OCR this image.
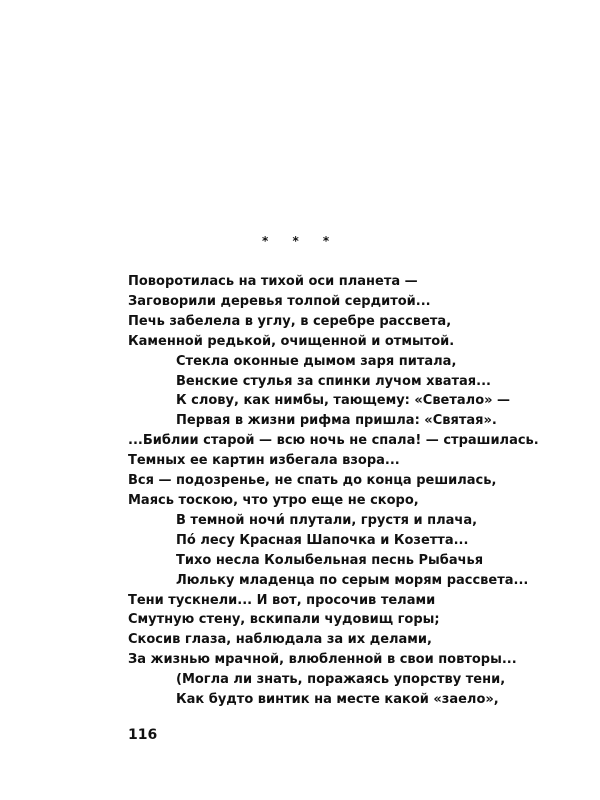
* * *
Поворотилась на тихой оси планета —
Заговорили деревья толпой сердитой...
Печь забелела в углу, в серебре рассвета,
Каменной редькой, очищенной и отмытой.
Стекла оконные дымом заря питала,
Венские стулья за спинки лучом хватая...
К слову, как нимбы, тающему: «Светало» —
Первая в жизни рифма пришла: «Святая».
...Библии старой — всю ночь не спала! — страшилась.
Темных ее картин избегала взора...
Вся — подозренье, не спать до конца решилась,
Маясь тоскою, что утро еще не скоро,
В темной ночи́ плутали, грустя и плача,
По́ лесу Красная Шапочка и Козетта...
Тихо несла Колыбельная песнь Рыбачья
Люльку младенца по серым морям рассвета...
Тени тускнели... И вот, просочив телами
Смутную стену, вскипали чудовищ горы;
Скосив глаза, наблюдала за их делами,
За жизнью мрачной, влюбленной в свои повторы...
(Могла ли знать, поражаясь упорству тени,
Как будто винтик на месте какой «заело»,
116
